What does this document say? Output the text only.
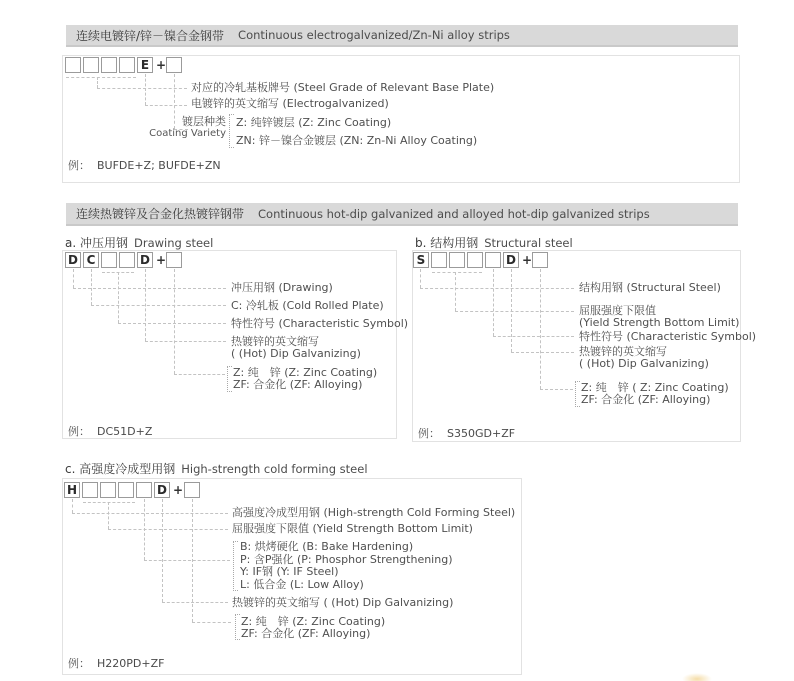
连续电镀锌/锌－镍合金钢带 Continuous electrogalvanized/Zn-Ni alloy strips
E +
对应的冷轧基板牌号 (Steel Grade of Relevant Base Plate)
电镀锌的英文缩写 (Electrogalvanized)
镀层种类
Coating Variety
Z: 纯锌镀层 (Z: Zinc Coating)
ZN: 锌－镍合金镀层 (ZN: Zn-Ni Alloy Coating)
例： BUFDE+Z; BUFDE+ZN
连续热镀锌及合金化热镀锌钢带 Continuous hot-dip galvanized and alloyed hot-dip galvanized strips
a. 冲压用钢 Drawing steel
D C	D +
冲压用钢 (Drawing)
C: 冷轧板 (Cold Rolled Plate)
特性符号 (Characteristic Symbol)
热镀锌的英文缩写
( (Hot) Dip Galvanizing)
Z: 纯　锌 (Z: Zinc Coating)
ZF: 合金化 (ZF: Alloying)
例： DC51D+Z
b. 结构用钢 Structural steel
S	D +
结构用钢 (Structural Steel)
屈服强度下限值
(Yield Strength Bottom Limit)
特性符号 (Characteristic Symbol)
热镀锌的英文缩写
( (Hot) Dip Galvanizing)
Z: 纯　锌 ( Z: Zinc Coating)
ZF: 合金化 (ZF: Alloying)
例： S350GD+ZF
c. 高强度冷成型用钢 High-strength cold forming steel
H	D +
高强度冷成型用钢 (High-strength Cold Forming Steel)
屈服强度下限值 (Yield Strength Bottom Limit)
B: 烘烤硬化 (B: Bake Hardening)
P: 含P强化 (P: Phosphor Strengthening)
Y: IF钢 (Y: IF Steel)
L: 低合金 (L: Low Alloy)
热镀锌的英文缩写 ( (Hot) Dip Galvanizing)
Z: 纯　锌 (Z: Zinc Coating)
ZF: 合金化 (ZF: Alloying)
例： H220PD+ZF
